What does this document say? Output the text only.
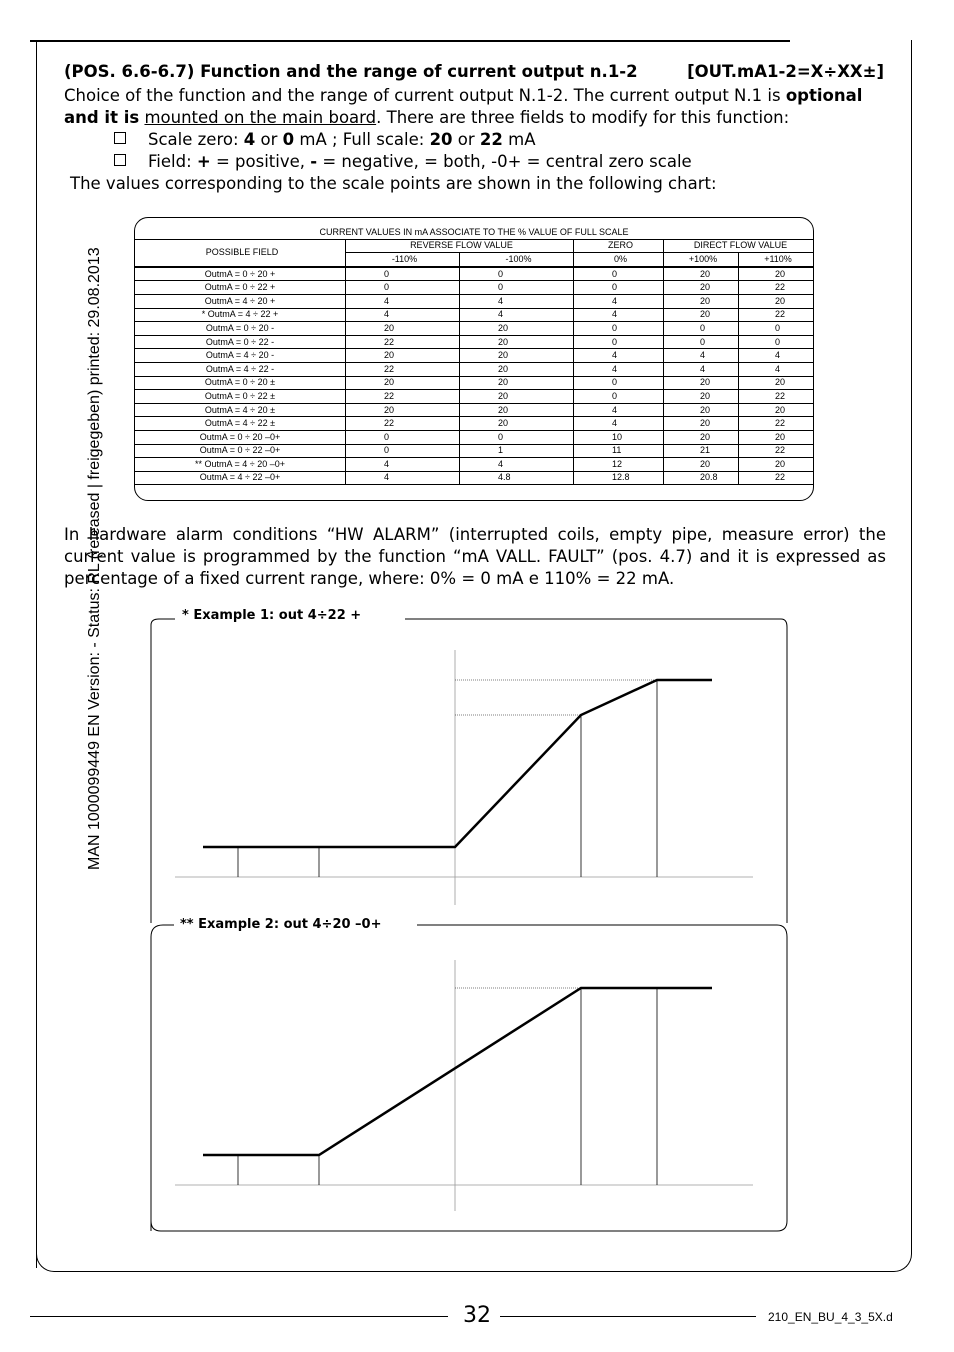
(POS. 6.6-6.7) Function and the range of current output n.1-2	[OUT.mA1-2=X÷XX±]
Choice of the function and the range of current output N.1-2. The current output N.1 is optional and it is mounted on the main board. There are three fields to modify for this function:
Scale zero: 4 or 0 mA ; Full scale: 20 or 22 mA
Field: + = positive, - = negative, = both, -0+ = central zero scale
The values corresponding to the scale points are shown in the following chart:
MAN 1000099449 EN Version: - Status: RL (released | freigegeben) printed: 29.08.2013
CURRENT VALUES IN mA ASSOCIATE TO THE % VALUE OF FULL SCALE					
POSSIBLE FIELD	REVERSE FLOW VALUE		ZERO	DIRECT FLOW VALUE	
	-110%	-100%	0%	+100%	+110%
OutmA = 0 ÷ 20 +	0	0	0	20	20
OutmA = 0 ÷ 22 +	0	0	0	20	22
OutmA = 4 ÷ 20 +	4	4	4	20	20
* OutmA = 4 ÷ 22 +	4	4	4	20	22
OutmA = 0 ÷ 20 -	20	20	0	0	0
OutmA = 0 ÷ 22 -	22	20	0	0	0
OutmA = 4 ÷ 20 -	20	20	4	4	4
OutmA = 4 ÷ 22 -	22	20	4	4	4
OutmA = 0 ÷ 20 ±	20	20	0	20	20
OutmA = 0 ÷ 22 ±	22	20	0	20	22
OutmA = 4 ÷ 20 ±	20	20	4	20	20
OutmA = 4 ÷ 22 ±	22	20	4	20	22
OutmA = 0 ÷ 20 –0+	0	0	10	20	20
OutmA = 0 ÷ 22 –0+	0	1	11	21	22
** OutmA = 4 ÷ 20 –0+	4	4	12	20	20
OutmA = 4 ÷ 22 –0+	4	4.8	12.8	20.8	22
In hardware alarm conditions “HW ALARM” (interrupted coils, empty pipe, measure error) the current value is programmed by the function “mA VALL. FAULT” (pos. 4.7) and it is expressed as percentage of a fixed current range, where: 0% = 0 mA e 110% = 22 mA.
* Example 1: out 4÷22 +
** Example 2: out 4÷20 –0+
32	210_EN_BU_4_3_5X.d
